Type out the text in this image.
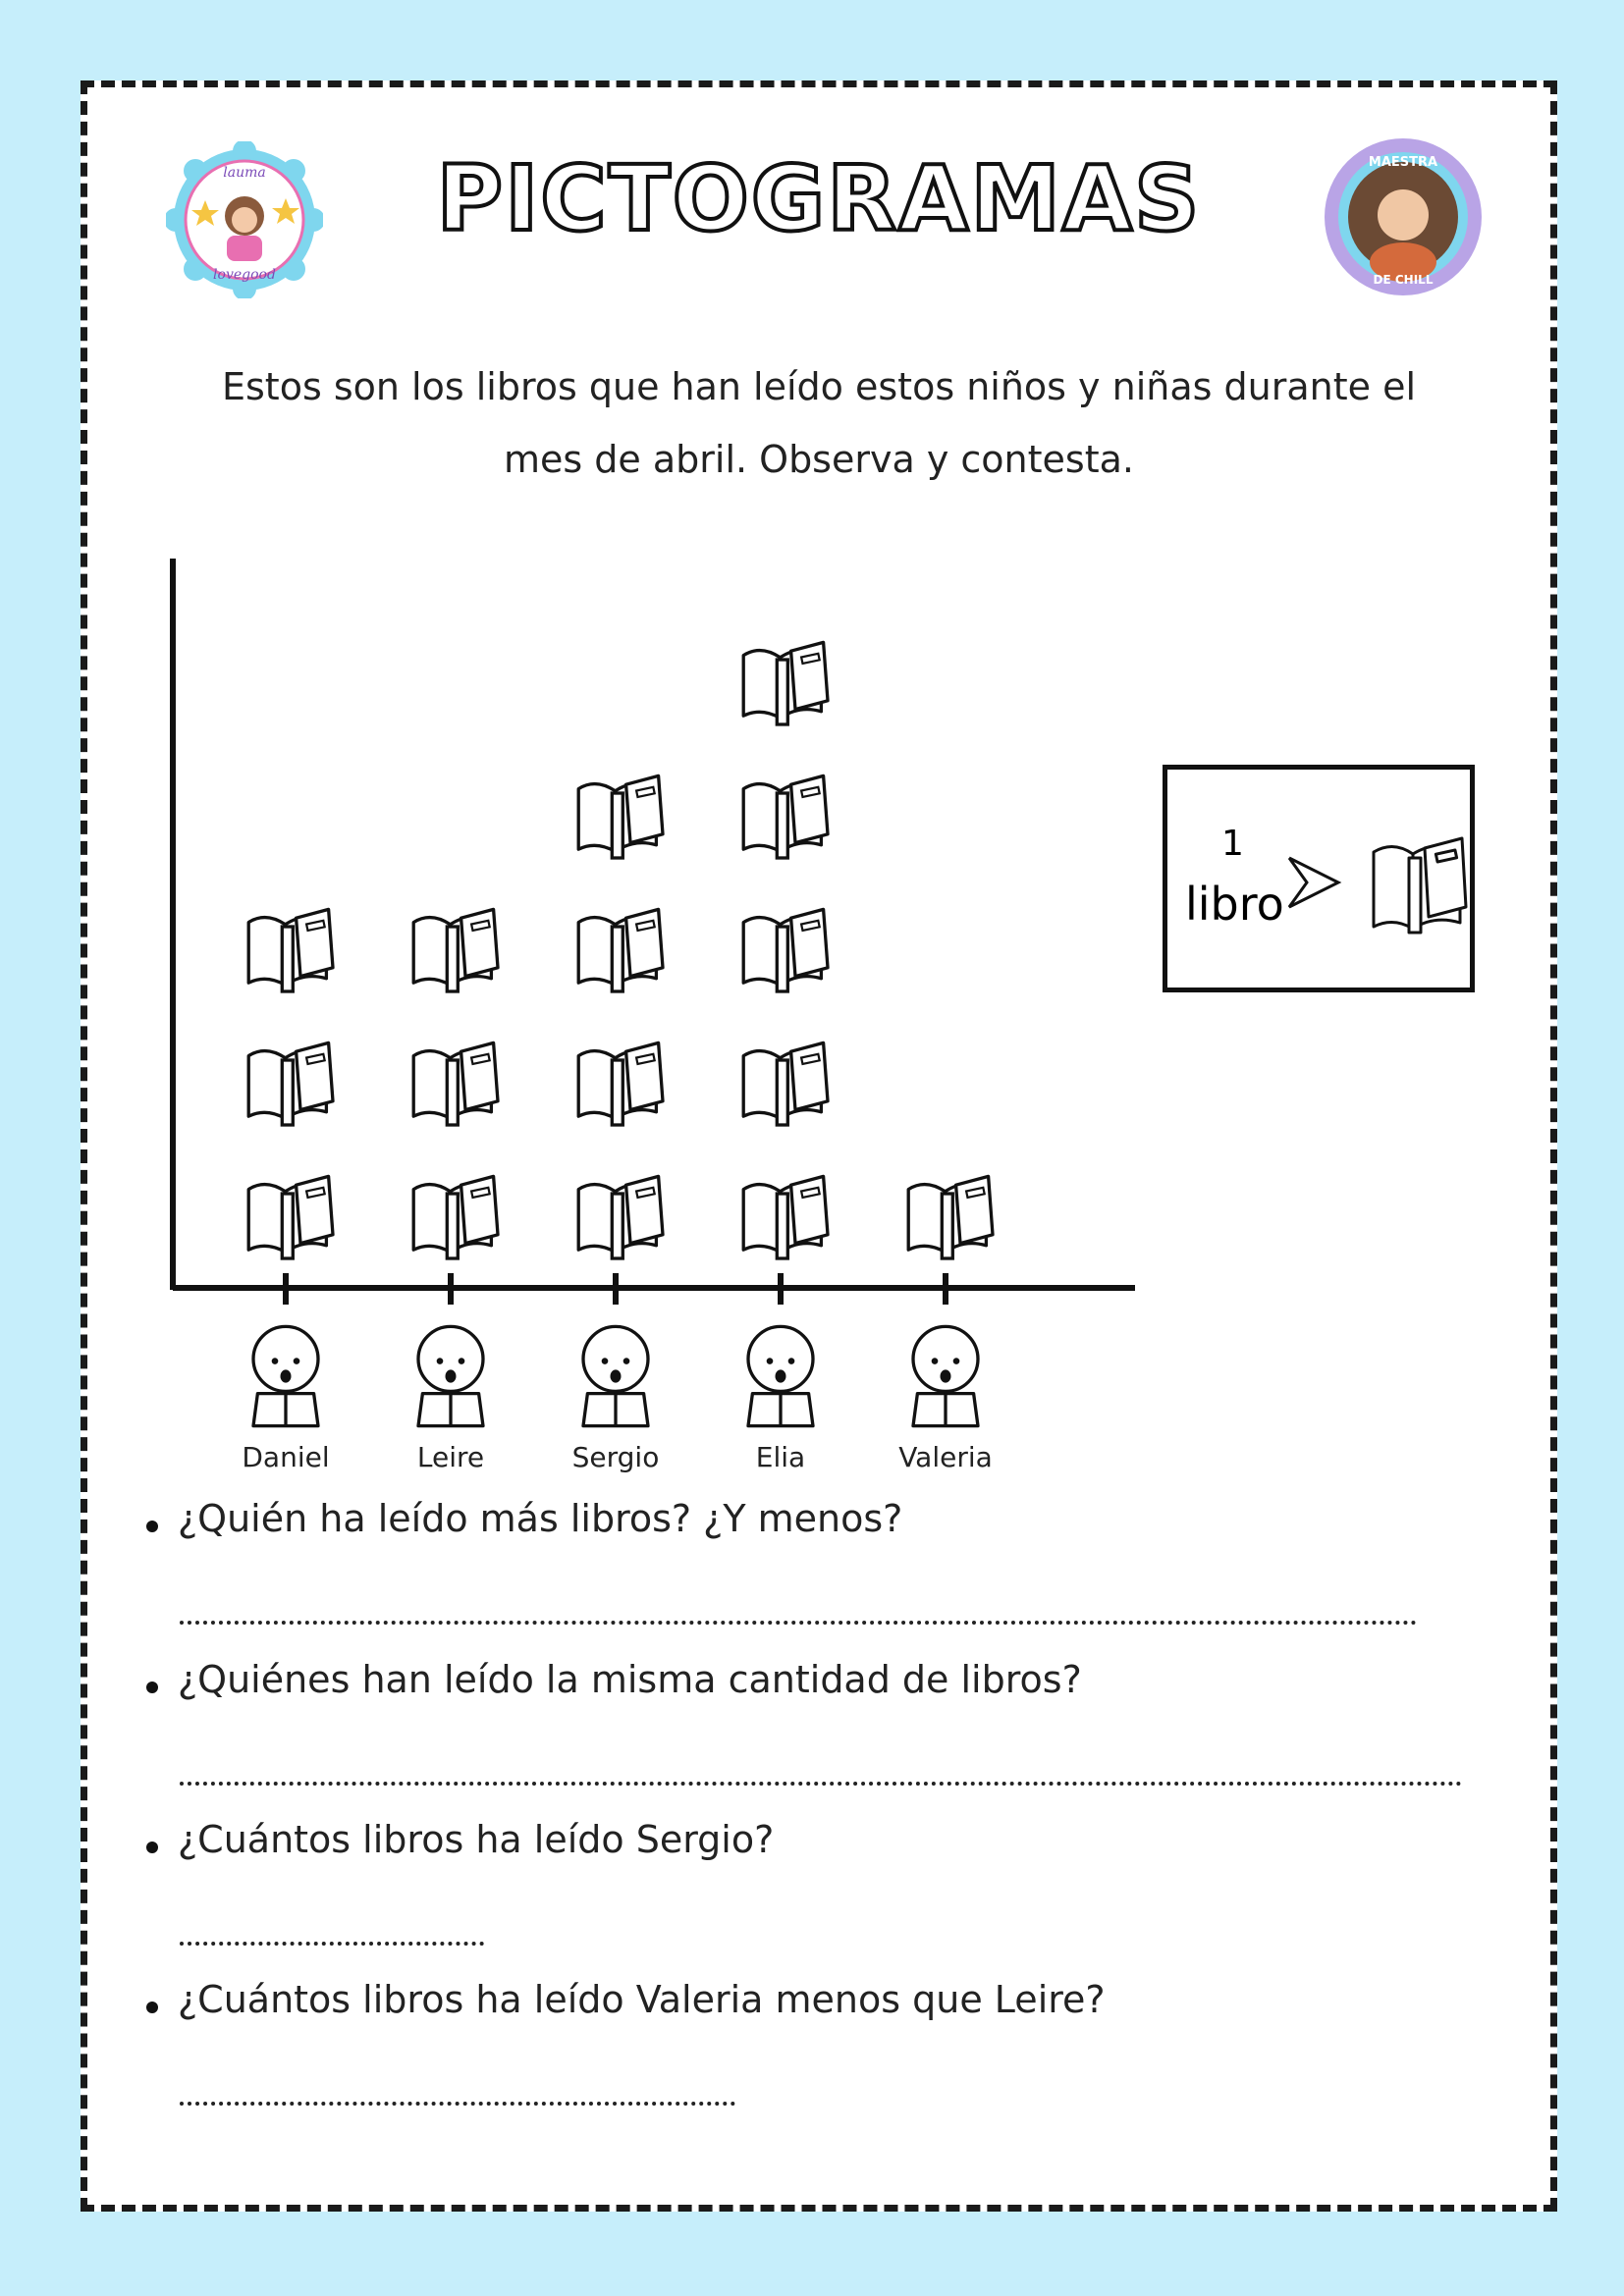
lauma
lovegood
PICTOGRAMAS	MAESTRA
DE CHILL
Estos son los libros que han leído estos niños y niñas durante el mes de abril. Observa y contesta.
1
libro
Daniel	Leire	Sergio	Elia	Valeria
¿Quién ha leído más libros? ¿Y menos?
¿Quiénes han leído la misma cantidad de libros?
¿Cuántos libros ha leído Sergio?
¿Cuántos libros ha leído Valeria menos que Leire?
